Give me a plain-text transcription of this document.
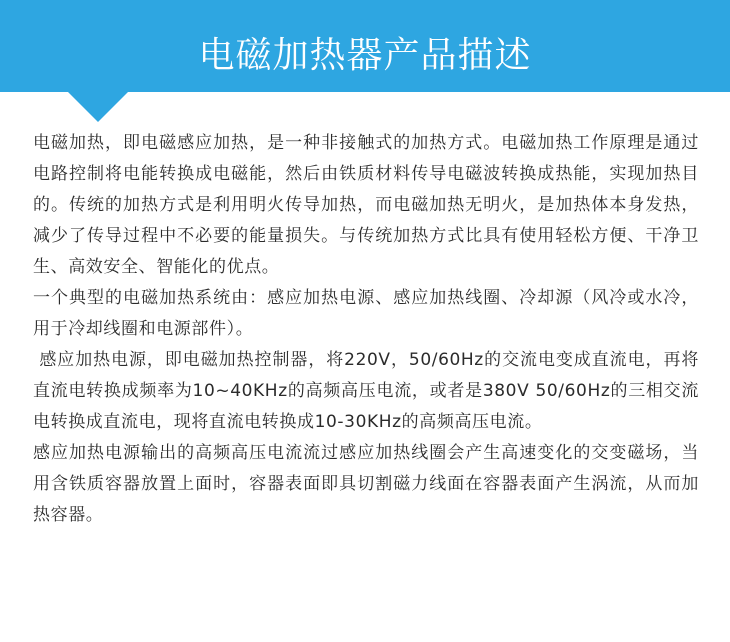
电磁加热器产品描述

电磁加热，即电磁感应加热，是一种非接触式的加热方式。电磁加热工作原理是通过电路控制将电能转换成电磁能，然后由铁质材料传导电磁波转换成热能，实现加热目的。传统的加热方式是利用明火传导加热，而电磁加热无明火，是加热体本身发热，减少了传导过程中不必要的能量损失。与传统加热方式比具有使用轻松方便、干净卫生、高效安全、智能化的优点。

一个典型的电磁加热系统由：感应加热电源、感应加热线圈、冷却源（风冷或水冷，用于冷却线圈和电源部件）。

感应加热电源，即电磁加热控制器，将220V，50/60Hz的交流电变成直流电，再将直流电转换成频率为10~40KHz的高频高压电流，或者是380V 50/60Hz的三相交流电转换成直流电，现将直流电转换成10-30KHz的高频高压电流。

感应加热电源输出的高频高压电流流过感应加热线圈会产生高速变化的交变磁场，当用含铁质容器放置上面时，容器表面即具切割磁力线面在容器表面产生涡流，从而加热容器。
